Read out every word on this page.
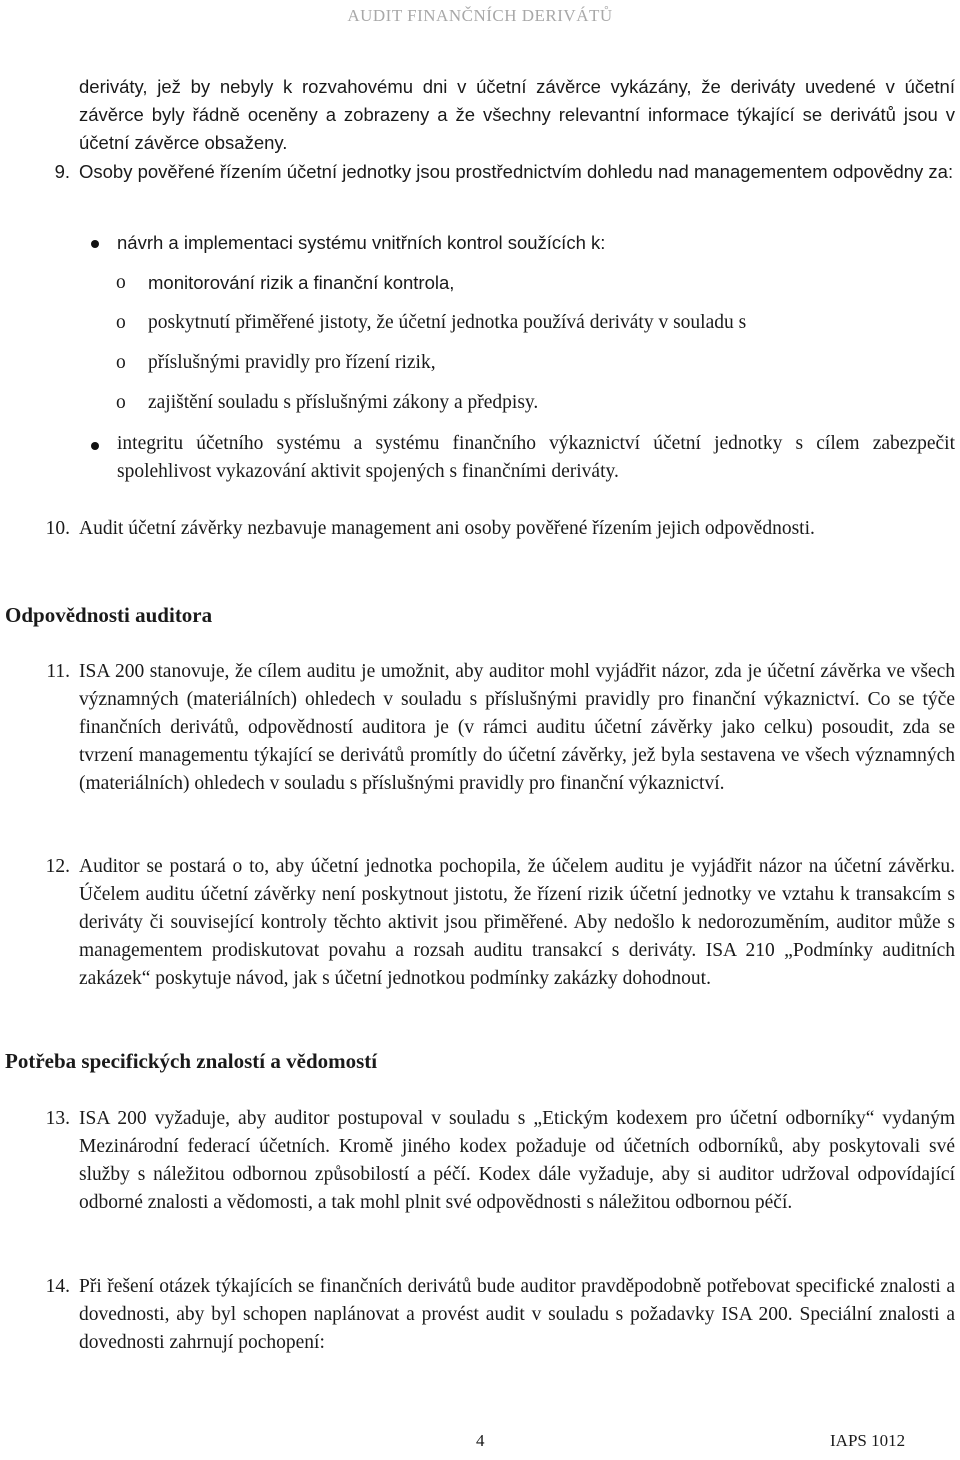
AUDIT FINANČNÍCH DERIVÁTŮ
deriváty, jež by nebyly k rozvahovému dni v účetní závěrce vykázány, že deriváty uvedené v účetní závěrce byly řádně oceněny a zobrazeny a že všechny relevantní informace týkající se derivátů jsou v účetní závěrce obsaženy.
9. Osoby pověřené řízením účetní jednotky jsou prostřednictvím dohledu nad managementem odpovědny za:
návrh a implementaci systému vnitřních kontrol soužících k:
o monitorování rizik a finanční kontrola,
o poskytnutí přiměřené jistoty, že účetní jednotka používá deriváty v souladu s
o příslušnými pravidly pro řízení rizik,
o zajištění souladu s příslušnými zákony a předpisy.
integritu účetního systému a systému finančního výkaznictví účetní jednotky s cílem zabezpečit spolehlivost vykazování aktivit spojených s finančními deriváty.
10. Audit účetní závěrky nezbavuje management ani osoby pověřené řízením jejich odpovědnosti.
Odpovědnosti auditora
11. ISA 200 stanovuje, že cílem auditu je umožnit, aby auditor mohl vyjádřit názor, zda je účetní závěrka ve všech významných (materiálních) ohledech v souladu s příslušnými pravidly pro finanční výkaznictví. Co se týče finančních derivátů, odpovědností auditora je (v rámci auditu účetní závěrky jako celku) posoudit, zda se tvrzení managementu týkající se derivátů promítly do účetní závěrky, jež byla sestavena ve všech významných (materiálních) ohledech v souladu s příslušnými pravidly pro finanční výkaznictví.
12. Auditor se postará o to, aby účetní jednotka pochopila, že účelem auditu je vyjádřit názor na účetní závěrku. Účelem auditu účetní závěrky není poskytnout jistotu, že řízení rizik účetní jednotky ve vztahu k transakcím s deriváty či související kontroly těchto aktivit jsou přiměřené. Aby nedošlo k nedorozuměním, auditor může s managementem prodiskutovat povahu a rozsah auditu transakcí s deriváty. ISA 210 „Podmínky auditních zakázek“ poskytuje návod, jak s účetní jednotkou podmínky zakázky dohodnout.
Potřeba specifických znalostí a vědomostí
13. ISA 200 vyžaduje, aby auditor postupoval v souladu s „Etickým kodexem pro účetní odborníky“ vydaným Mezinárodní federací účetních. Kromě jiného kodex požaduje od účetních odborníků, aby poskytovali své služby s náležitou odbornou způsobilostí a péčí. Kodex dále vyžaduje, aby si auditor udržoval odpovídající odborné znalosti a vědomosti, a tak mohl plnit své odpovědnosti s náležitou odbornou péčí.
14. Při řešení otázek týkajících se finančních derivátů bude auditor pravděpodobně potřebovat specifické znalosti a dovednosti, aby byl schopen naplánovat a provést audit v souladu s požadavky ISA 200. Speciální znalosti a dovednosti zahrnují pochopení:
4	IAPS 1012
